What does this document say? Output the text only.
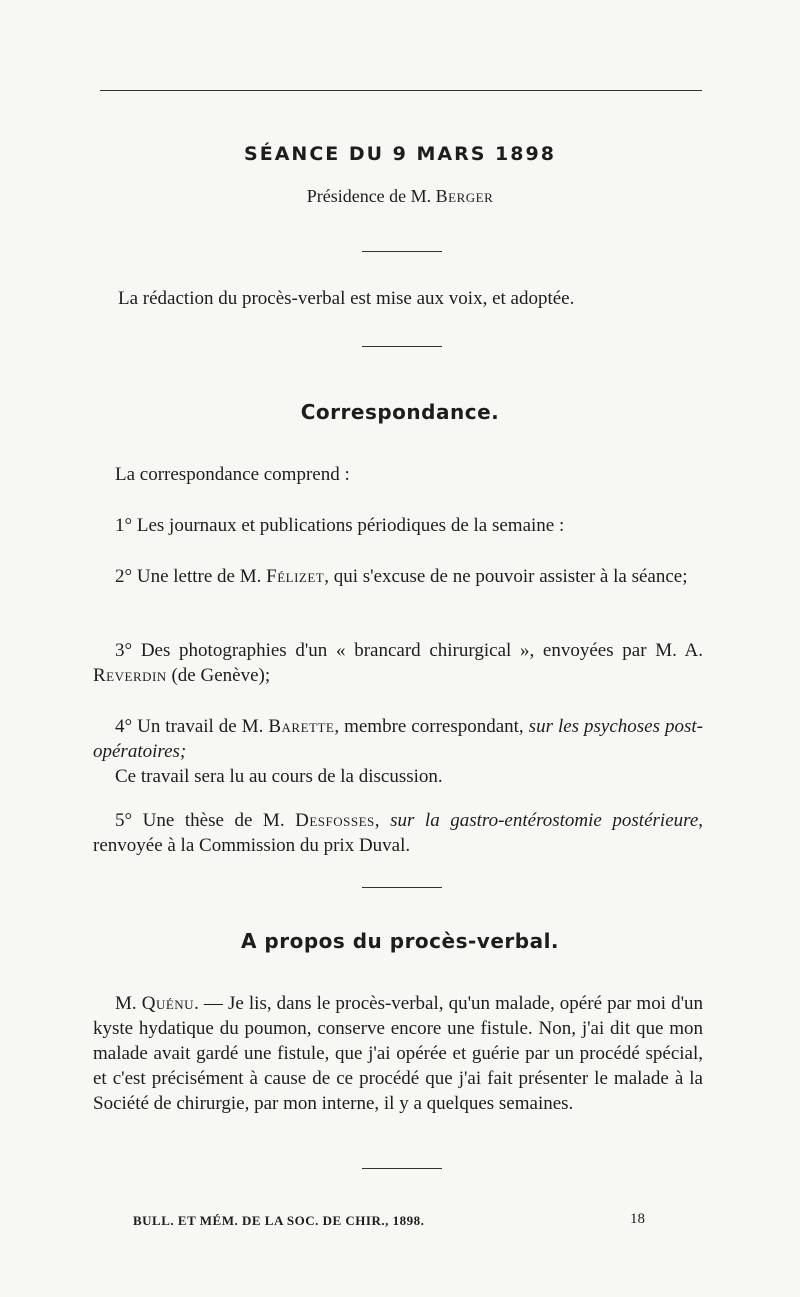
SÉANCE DU 9 MARS 1898
Présidence de M. Berger
La rédaction du procès-verbal est mise aux voix, et adoptée.
Correspondance.
La correspondance comprend :
1° Les journaux et publications périodiques de la semaine :
2° Une lettre de M. Félizet, qui s'excuse de ne pouvoir assister à la séance;
3° Des photographies d'un « brancard chirurgical », envoyées par M. A. Reverdin (de Genève);
4° Un travail de M. Barette, membre correspondant, sur les psychoses post-opératoires;
Ce travail sera lu au cours de la discussion.
5° Une thèse de M. Desfosses, sur la gastro-entérostomie postérieure, renvoyée à la Commission du prix Duval.
A propos du procès-verbal.
M. Quénu. — Je lis, dans le procès-verbal, qu'un malade, opéré par moi d'un kyste hydatique du poumon, conserve encore une fistule. Non, j'ai dit que mon malade avait gardé une fistule, que j'ai opérée et guérie par un procédé spécial, et c'est précisément à cause de ce procédé que j'ai fait présenter le malade à la Société de chirurgie, par mon interne, il y a quelques semaines.
BULL. ET MÉM. DE LA SOC. DE CHIR., 1898.	18
